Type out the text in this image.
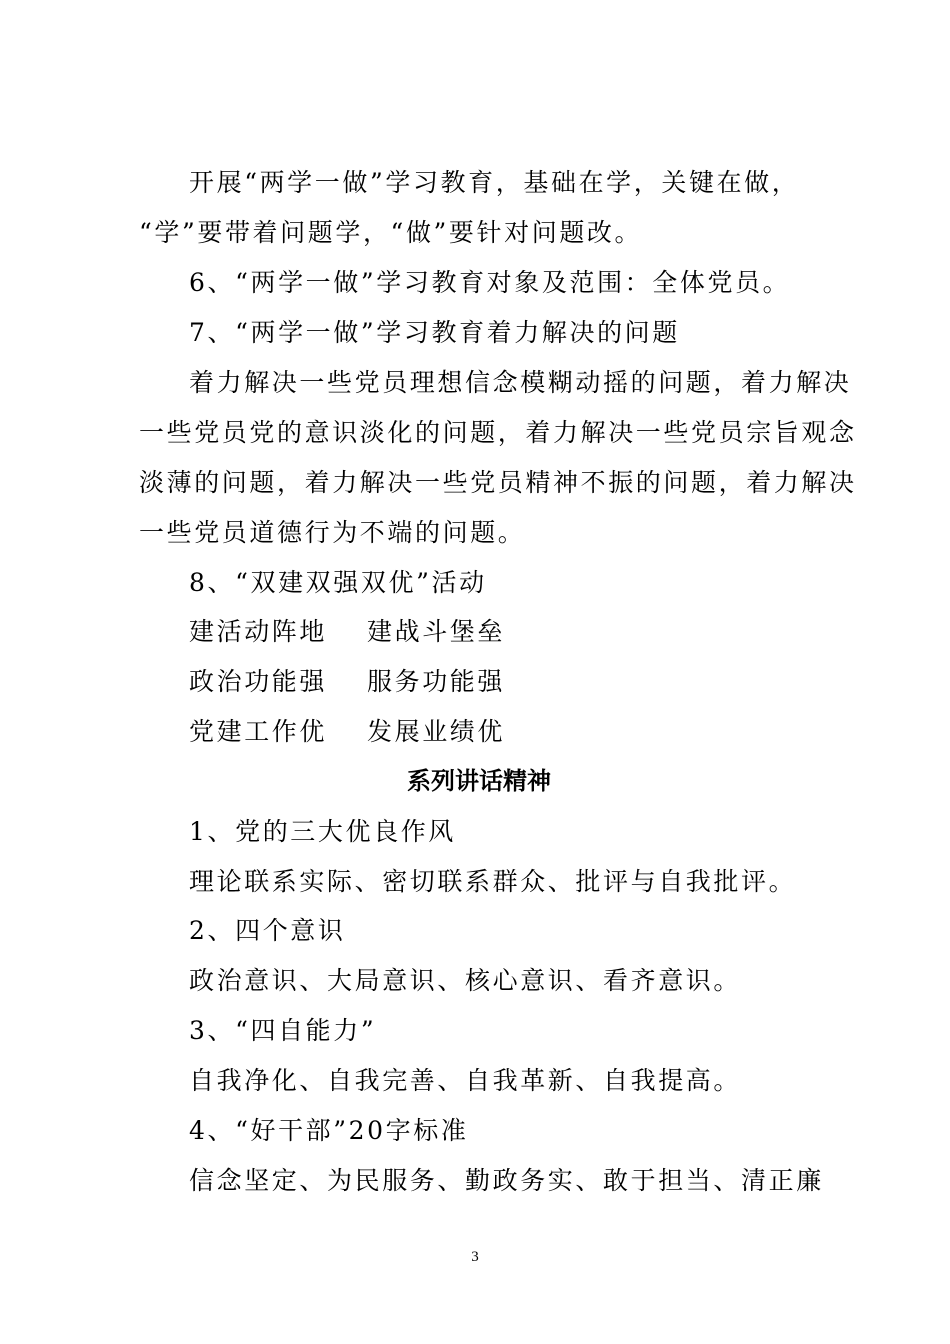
开展“两学一做”学习教育，基础在学，关键在做，
“学”要带着问题学，“做”要针对问题改。
6、“两学一做”学习教育对象及范围：全体党员。
7、“两学一做”学习教育着力解决的问题
着力解决一些党员理想信念模糊动摇的问题，着力解决
一些党员党的意识淡化的问题，着力解决一些党员宗旨观念
淡薄的问题，着力解决一些党员精神不振的问题，着力解决
一些党员道德行为不端的问题。
8、“双建双强双优”活动
建活动阵地 建战斗堡垒
政治功能强 服务功能强
党建工作优 发展业绩优
系列讲话精神
1、党的三大优良作风
理论联系实际、密切联系群众、批评与自我批评。
2、四个意识
政治意识、大局意识、核心意识、看齐意识。
3、“四自能力”
自我净化、自我完善、自我革新、自我提高。
4、“好干部”20字标准
信念坚定、为民服务、勤政务实、敢于担当、清正廉
3
